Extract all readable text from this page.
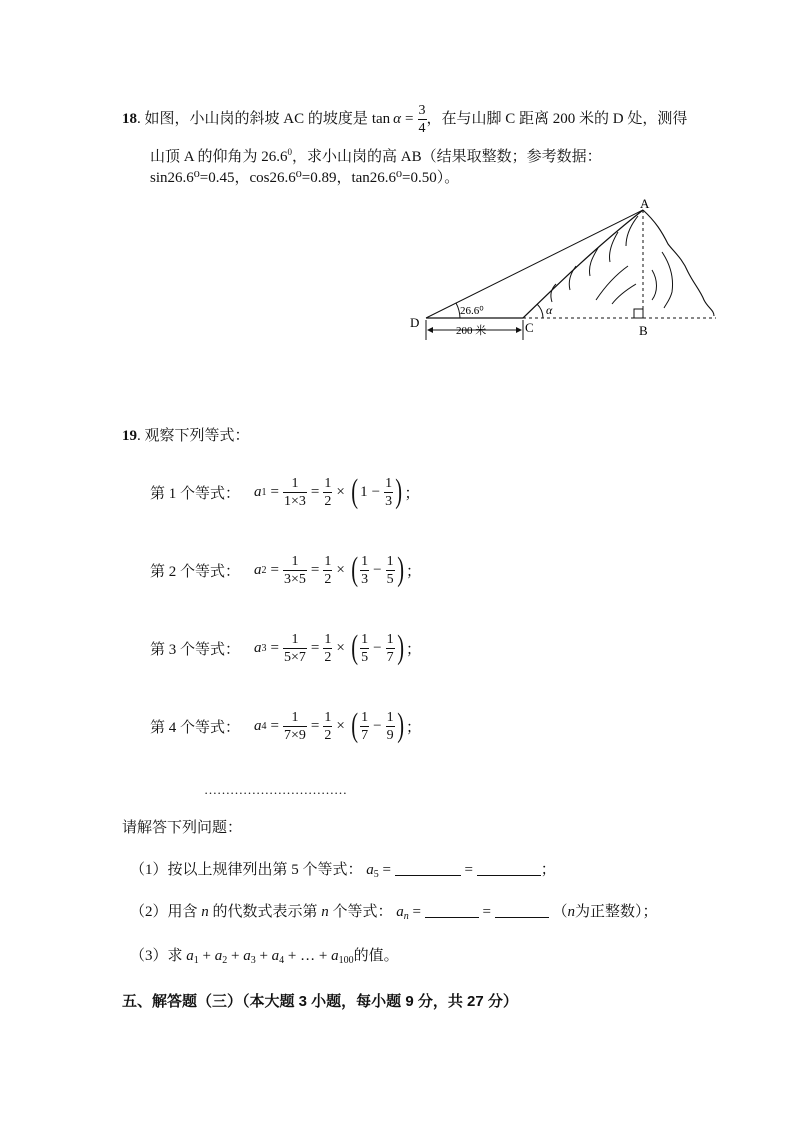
18 . 如图，小山岗的斜坡 AC 的坡度是 $\tan \alpha = \frac{3}{4}$ ，在与山脚 C 距离 200 米的 D 处，测得
山顶 A 的仰角为 26.6$^0$，求小山岗的高 AB（结果取整数；参考数据：
sin26.6⁰=0.45，cos26.6⁰=0.89，tan26.6⁰=0.50）。
A
B
C
D
26.6⁰	α
200 米
19. 观察下列等式：
第 1 个等式： a $1 = \frac{1}{1\times 3} = \frac{1}{2}$ × ( $1 - \frac{1}{3}$ ) ；
第 2 个等式： a $2 = \frac{1}{3\times 5} = \frac{1}{2}$ × ( $\frac{1}{3} - \frac{1}{5}$ ) ；
第 3 个等式： a $3 = \frac{1}{5\times 7} = \frac{1}{2}$ × ( $\frac{1}{5} - \frac{1}{7}$ ) ；
第 4 个等式： a $4 = \frac{1}{7\times 9} = \frac{1}{2}$ × ( $\frac{1}{7} - \frac{1}{9}$ ) ；
……………………………
请解答下列问题：
（1）按以上规律列出第 5 个等式： $a_5$ =	=	；
（2）用含 n 的代数式表示第 n 个等式： $a_n$ =	=	（n为正整数）；
（3）求 $a_1 + a_2 + a_3 + a_4$ + … + $a_{100}$的值。
五、解答题（三）（本大题 3 小题，每小题 9 分，共 27 分）
